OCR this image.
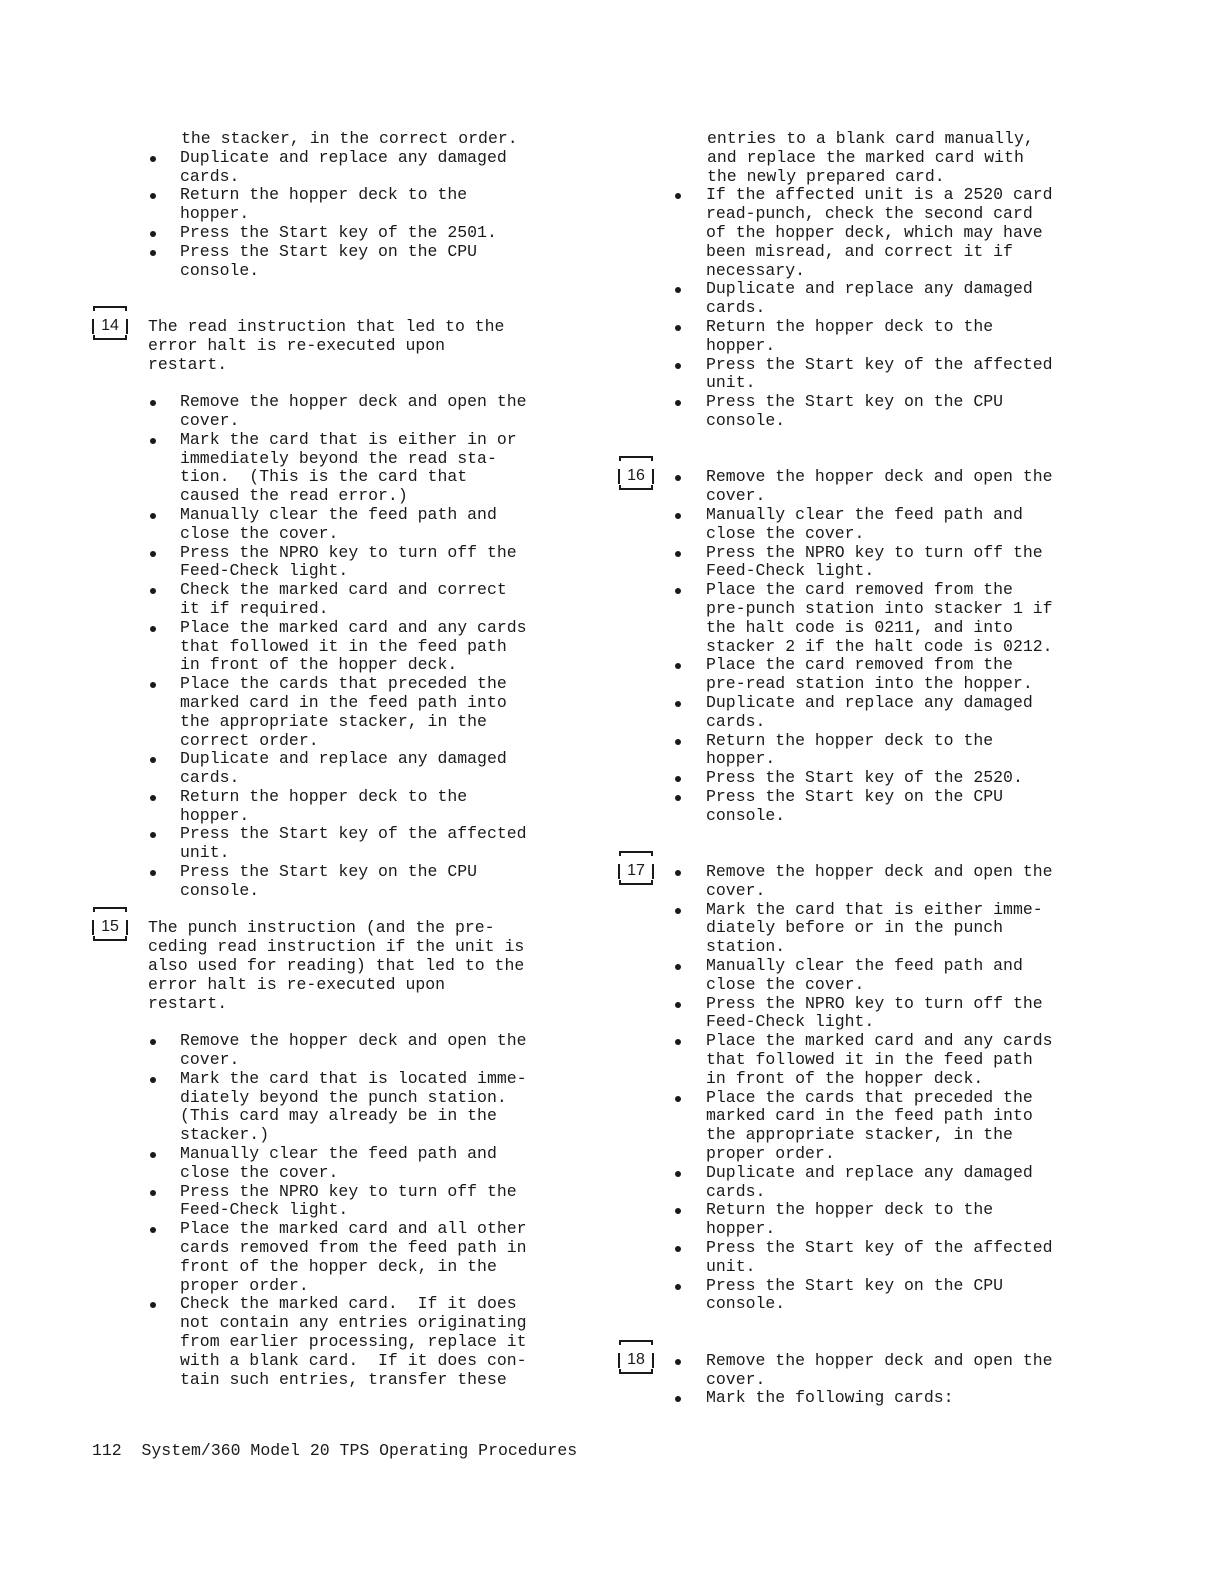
the stacker, in the correct order.
Duplicate and replace any damaged
cards.
Return the hopper deck to the
hopper.
Press the Start key of the 2501.
Press the Start key on the CPU
console.
14	The read instruction that led to the
error halt is re-executed upon
restart.
Remove the hopper deck and open the
cover.
Mark the card that is either in or
immediately beyond the read sta-
tion.  (This is the card that
caused the read error.)
Manually clear the feed path and
close the cover.
Press the NPRO key to turn off the
Feed-Check light.
Check the marked card and correct
it if required.
Place the marked card and any cards
that followed it in the feed path
in front of the hopper deck.
Place the cards that preceded the
marked card in the feed path into
the appropriate stacker, in the
correct order.
Duplicate and replace any damaged
cards.
Return the hopper deck to the
hopper.
Press the Start key of the affected
unit.
Press the Start key on the CPU
console.
15	The punch instruction (and the pre-
ceding read instruction if the unit is
also used for reading) that led to the
error halt is re-executed upon
restart.
Remove the hopper deck and open the
cover.
Mark the card that is located imme-
diately beyond the punch station.
(This card may already be in the
stacker.)
Manually clear the feed path and
close the cover.
Press the NPRO key to turn off the
Feed-Check light.
Place the marked card and all other
cards removed from the feed path in
front of the hopper deck, in the
proper order.
Check the marked card.  If it does
not contain any entries originating
from earlier processing, replace it
with a blank card.  If it does con-
tain such entries, transfer these
entries to a blank card manually,
and replace the marked card with
the newly prepared card.
If the affected unit is a 2520 card
read-punch, check the second card
of the hopper deck, which may have
been misread, and correct it if
necessary.
Duplicate and replace any damaged
cards.
Return the hopper deck to the
hopper.
Press the Start key of the affected
unit.
Press the Start key on the CPU
console.
16	Remove the hopper deck and open the
cover.
Manually clear the feed path and
close the cover.
Press the NPRO key to turn off the
Feed-Check light.
Place the card removed from the
pre-punch station into stacker 1 if
the halt code is 0211, and into
stacker 2 if the halt code is 0212.
Place the card removed from the
pre-read station into the hopper.
Duplicate and replace any damaged
cards.
Return the hopper deck to the
hopper.
Press the Start key of the 2520.
Press the Start key on the CPU
console.
17	Remove the hopper deck and open the
cover.
Mark the card that is either imme-
diately before or in the punch
station.
Manually clear the feed path and
close the cover.
Press the NPRO key to turn off the
Feed-Check light.
Place the marked card and any cards
that followed it in the feed path
in front of the hopper deck.
Place the cards that preceded the
marked card in the feed path into
the appropriate stacker, in the
proper order.
Duplicate and replace any damaged
cards.
Return the hopper deck to the
hopper.
Press the Start key of the affected
unit.
Press the Start key on the CPU
console.
18	Remove the hopper deck and open the
cover.
Mark the following cards:
112  System/360 Model 20 TPS Operating Procedures
